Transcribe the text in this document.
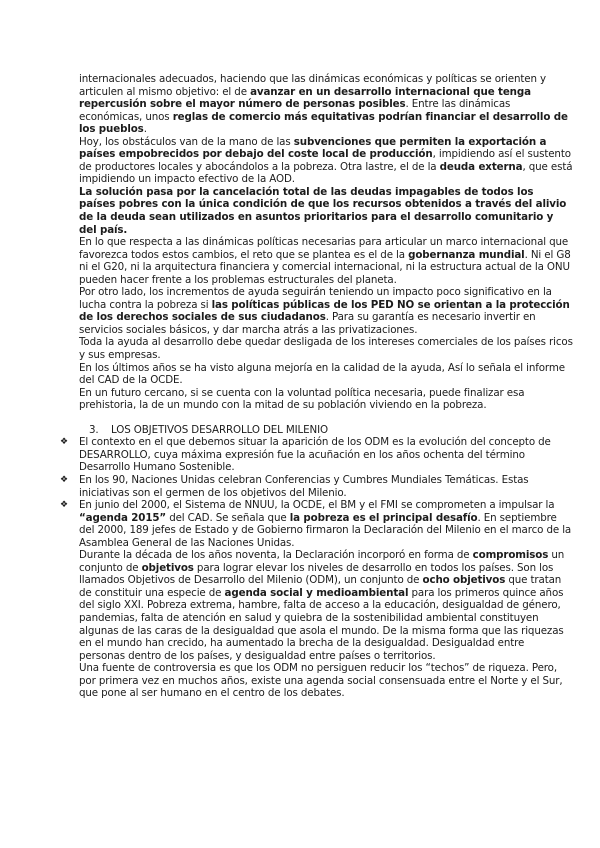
internacionales adecuados, haciendo que las dinámicas económicas y políticas se orienten y articulen al mismo objetivo: el de avanzar en un desarrollo internacional que tenga repercusión sobre el mayor número de personas posibles. Entre las dinámicas económicas, unos reglas de comercio más equitativas podrían financiar el desarrollo de los pueblos.

Hoy, los obstáculos van de la mano de las subvenciones que permiten la exportación a países empobrecidos por debajo del coste local de producción, impidiendo así el sustento de productores locales y abocándolos a la pobreza. Otra lastre, el de la deuda externa, que está impidiendo un impacto efectivo de la AOD.

La solución pasa por la cancelación total de las deudas impagables de todos los países pobres con la única condición de que los recursos obtenidos a través del alivio de la deuda sean utilizados en asuntos prioritarios para el desarrollo comunitario y del país.

En lo que respecta a las dinámicas políticas necesarias para articular un marco internacional que favorezca todos estos cambios, el reto que se plantea es el de la gobernanza mundial. Ni el G8 ni el G20, ni la arquitectura financiera y comercial internacional, ni la estructura actual de la ONU pueden hacer frente a los problemas estructurales del planeta.

Por otro lado, los incrementos de ayuda seguirán teniendo un impacto poco significativo en la lucha contra la pobreza si las políticas públicas de los PED NO se orientan a la protección de los derechos sociales de sus ciudadanos. Para su garantía es necesario invertir en servicios sociales básicos, y dar marcha atrás a las privatizaciones.

Toda la ayuda al desarrollo debe quedar desligada de los intereses comerciales de los países ricos y sus empresas.

En los últimos años se ha visto alguna mejoría en la calidad de la ayuda, Así lo señala el informe del CAD de la OCDE.

En un futuro cercano, si se cuenta con la voluntad política necesaria, puede finalizar esa prehistoria, la de un mundo con la mitad de su población viviendo en la pobreza.

3. LOS OBJETIVOS DESARROLLO DEL MILENIO

❖ El contexto en el que debemos situar la aparición de los ODM es la evolución del concepto de DESARROLLO, cuya máxima expresión fue la acuñación en los años ochenta del término Desarrollo Humano Sostenible.

❖ En los 90, Naciones Unidas celebran Conferencias y Cumbres Mundiales Temáticas. Estas iniciativas son el germen de los objetivos del Milenio.

❖ En junio del 2000, el Sistema de NNUU, la OCDE, el BM y el FMI se comprometen a impulsar la “agenda 2015” del CAD. Se señala que la pobreza es el principal desafío. En septiembre del 2000, 189 jefes de Estado y de Gobierno firmaron la Declaración del Milenio en el marco de la Asamblea General de las Naciones Unidas.

Durante la década de los años noventa, la Declaración incorporó en forma de compromisos un conjunto de objetivos para lograr elevar los niveles de desarrollo en todos los países. Son los llamados Objetivos de Desarrollo del Milenio (ODM), un conjunto de ocho objetivos que tratan de constituir una especie de agenda social y medioambiental para los primeros quince años del siglo XXI. Pobreza extrema, hambre, falta de acceso a la educación, desigualdad de género, pandemias, falta de atención en salud y quiebra de la sostenibilidad ambiental constituyen algunas de las caras de la desigualdad que asola el mundo. De la misma forma que las riquezas en el mundo han crecido, ha aumentado la brecha de la desigualdad. Desigualdad entre personas dentro de los países, y desigualdad entre países o territorios.

Una fuente de controversia es que los ODM no persiguen reducir los “techos” de riqueza. Pero, por primera vez en muchos años, existe una agenda social consensuada entre el Norte y el Sur, que pone al ser humano en el centro de los debates.
